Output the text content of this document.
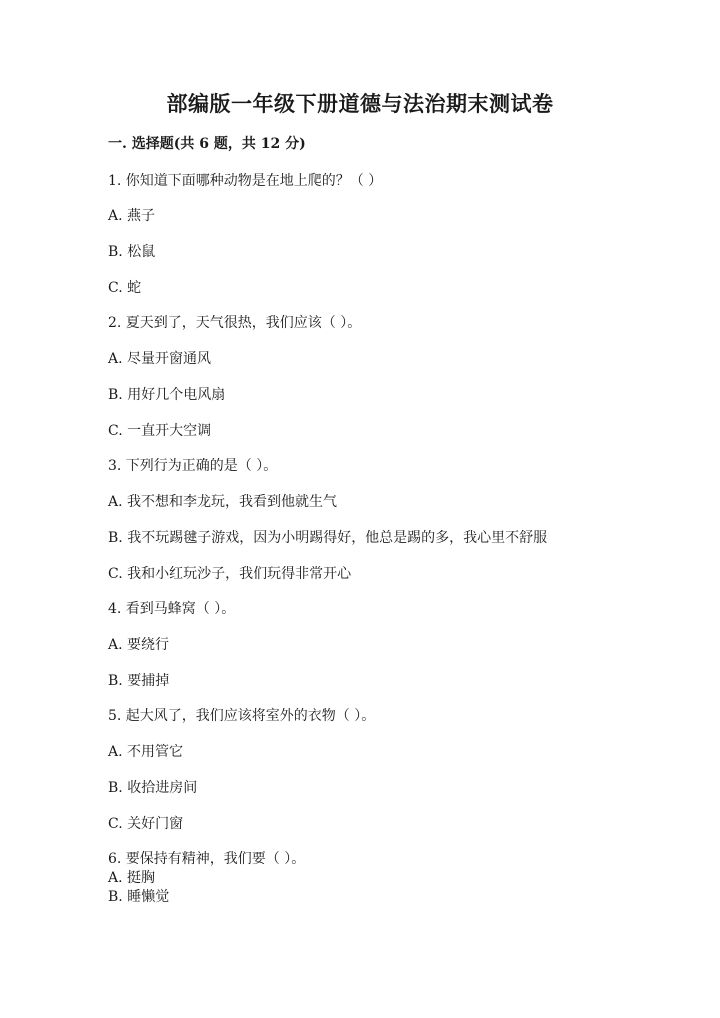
部编版一年级下册道德与法治期末测试卷
一. 选择题(共 6 题，共 12 分)
1. 你知道下面哪种动物是在地上爬的？（ ）
A. 燕子
B. 松鼠
C. 蛇
2. 夏天到了，天气很热，我们应该（ ）。
A. 尽量开窗通风
B. 用好几个电风扇
C. 一直开大空调
3. 下列行为正确的是（ ）。
A. 我不想和李龙玩，我看到他就生气
B. 我不玩踢毽子游戏，因为小明踢得好，他总是踢的多，我心里不舒服
C. 我和小红玩沙子，我们玩得非常开心
4. 看到马蜂窝（ ）。
A. 要绕行
B. 要捕掉
5. 起大风了，我们应该将室外的衣物（ ）。
A. 不用管它
B. 收拾进房间
C. 关好门窗
6. 要保持有精神，我们要（ ）。
A. 挺胸
B. 睡懒觉
